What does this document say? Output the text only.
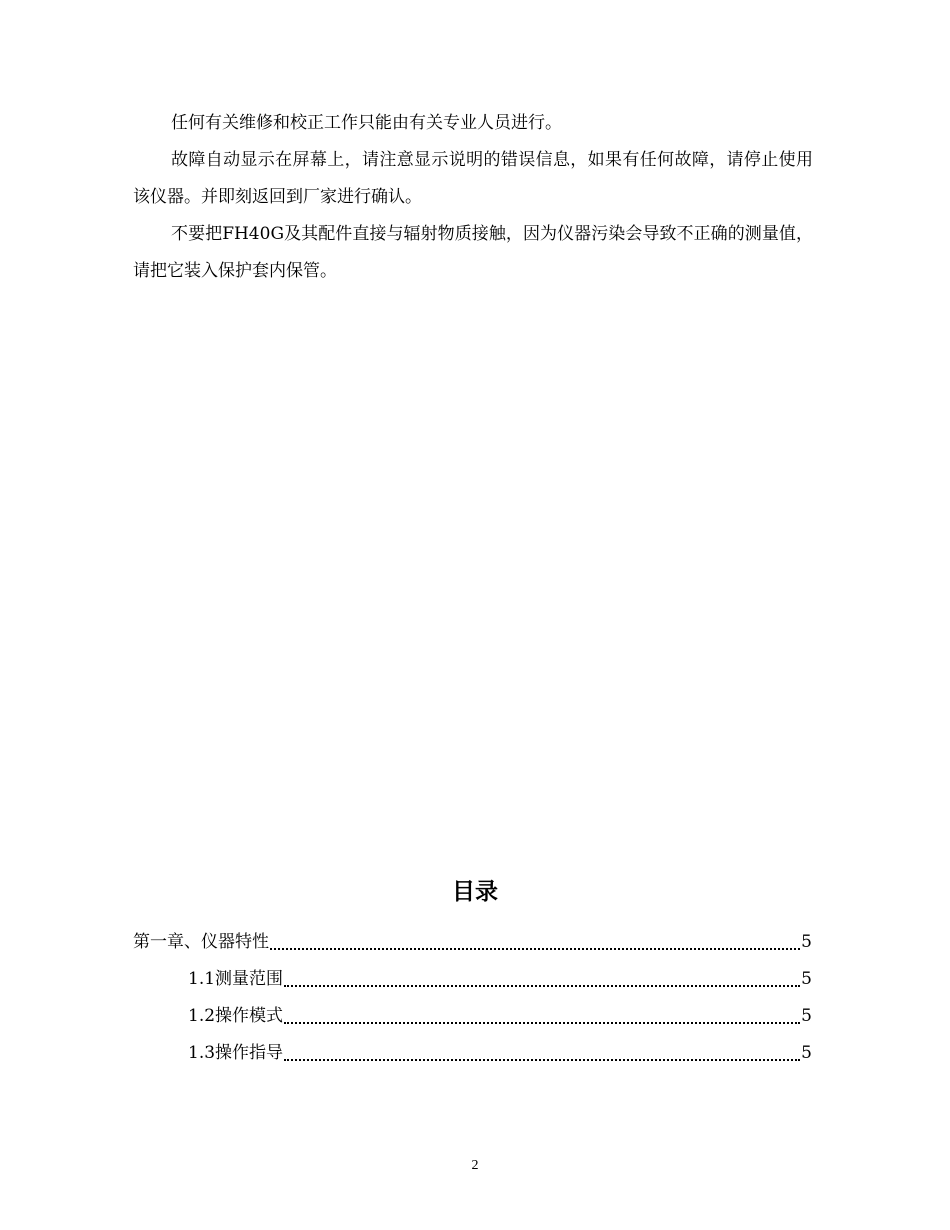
任何有关维修和校正工作只能由有关专业人员进行。

故障自动显示在屏幕上，请注意显示说明的错误信息，如果有任何故障，请停止使用该仪器。并即刻返回到厂家进行确认。

不要把FH40G及其配件直接与辐射物质接触，因为仪器污染会导致不正确的测量值，请把它装入保护套内保管。

目录
第一章、仪器特性	5
1.1测量范围	5
1.2操作模式	5
1.3操作指导	5
2
